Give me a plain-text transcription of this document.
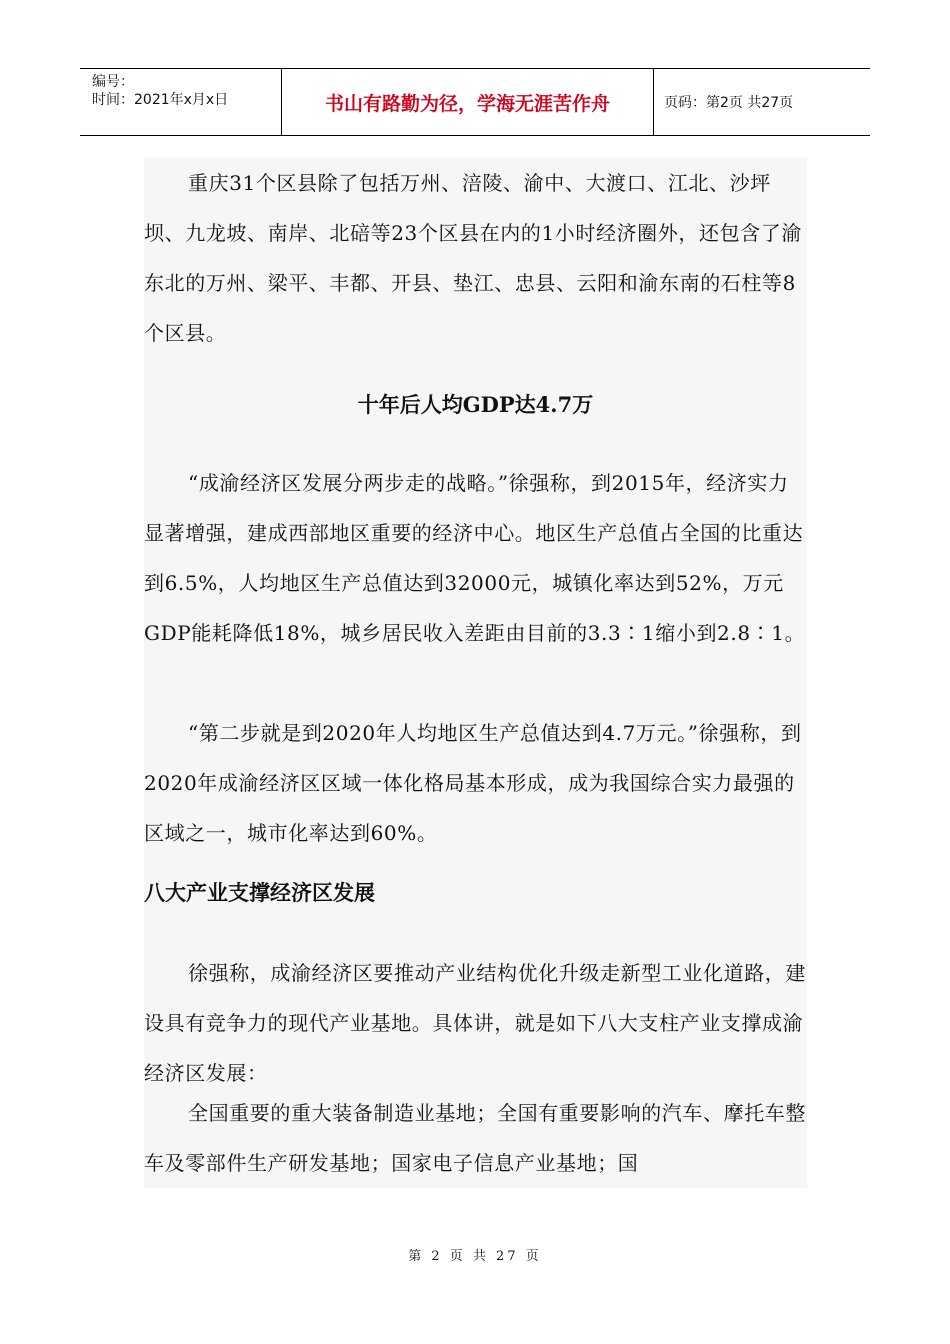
编号：
时间：2021年x月x日	书山有路勤为径，学海无涯苦作舟	页码：第2页 共27页

重庆31个区县除了包括万州、涪陵、渝中、大渡口、江北、沙坪坝、九龙坡、南岸、北碚等23个区县在内的1小时经济圈外，还包含了渝东北的万州、梁平、丰都、开县、垫江、忠县、云阳和渝东南的石柱等8个区县。

十年后人均GDP达4.7万

“成渝经济区发展分两步走的战略。”徐强称，到2015年，经济实力显著增强，建成西部地区重要的经济中心。地区生产总值占全国的比重达到6.5%，人均地区生产总值达到32000元，城镇化率达到52%，万元GDP能耗降低18%，城乡居民收入差距由目前的3.3∶1缩小到2.8∶1。

“第二步就是到2020年人均地区生产总值达到4.7万元。”徐强称，到2020年成渝经济区区域一体化格局基本形成，成为我国综合实力最强的区域之一，城市化率达到60%。

八大产业支撑经济区发展

徐强称，成渝经济区要推动产业结构优化升级走新型工业化道路，建设具有竞争力的现代产业基地。具体讲，就是如下八大支柱产业支撑成渝经济区发展：

全国重要的重大装备制造业基地；全国有重要影响的汽车、摩托车整车及零部件生产研发基地；国家电子信息产业基地；国

第 2 页 共 27 页
